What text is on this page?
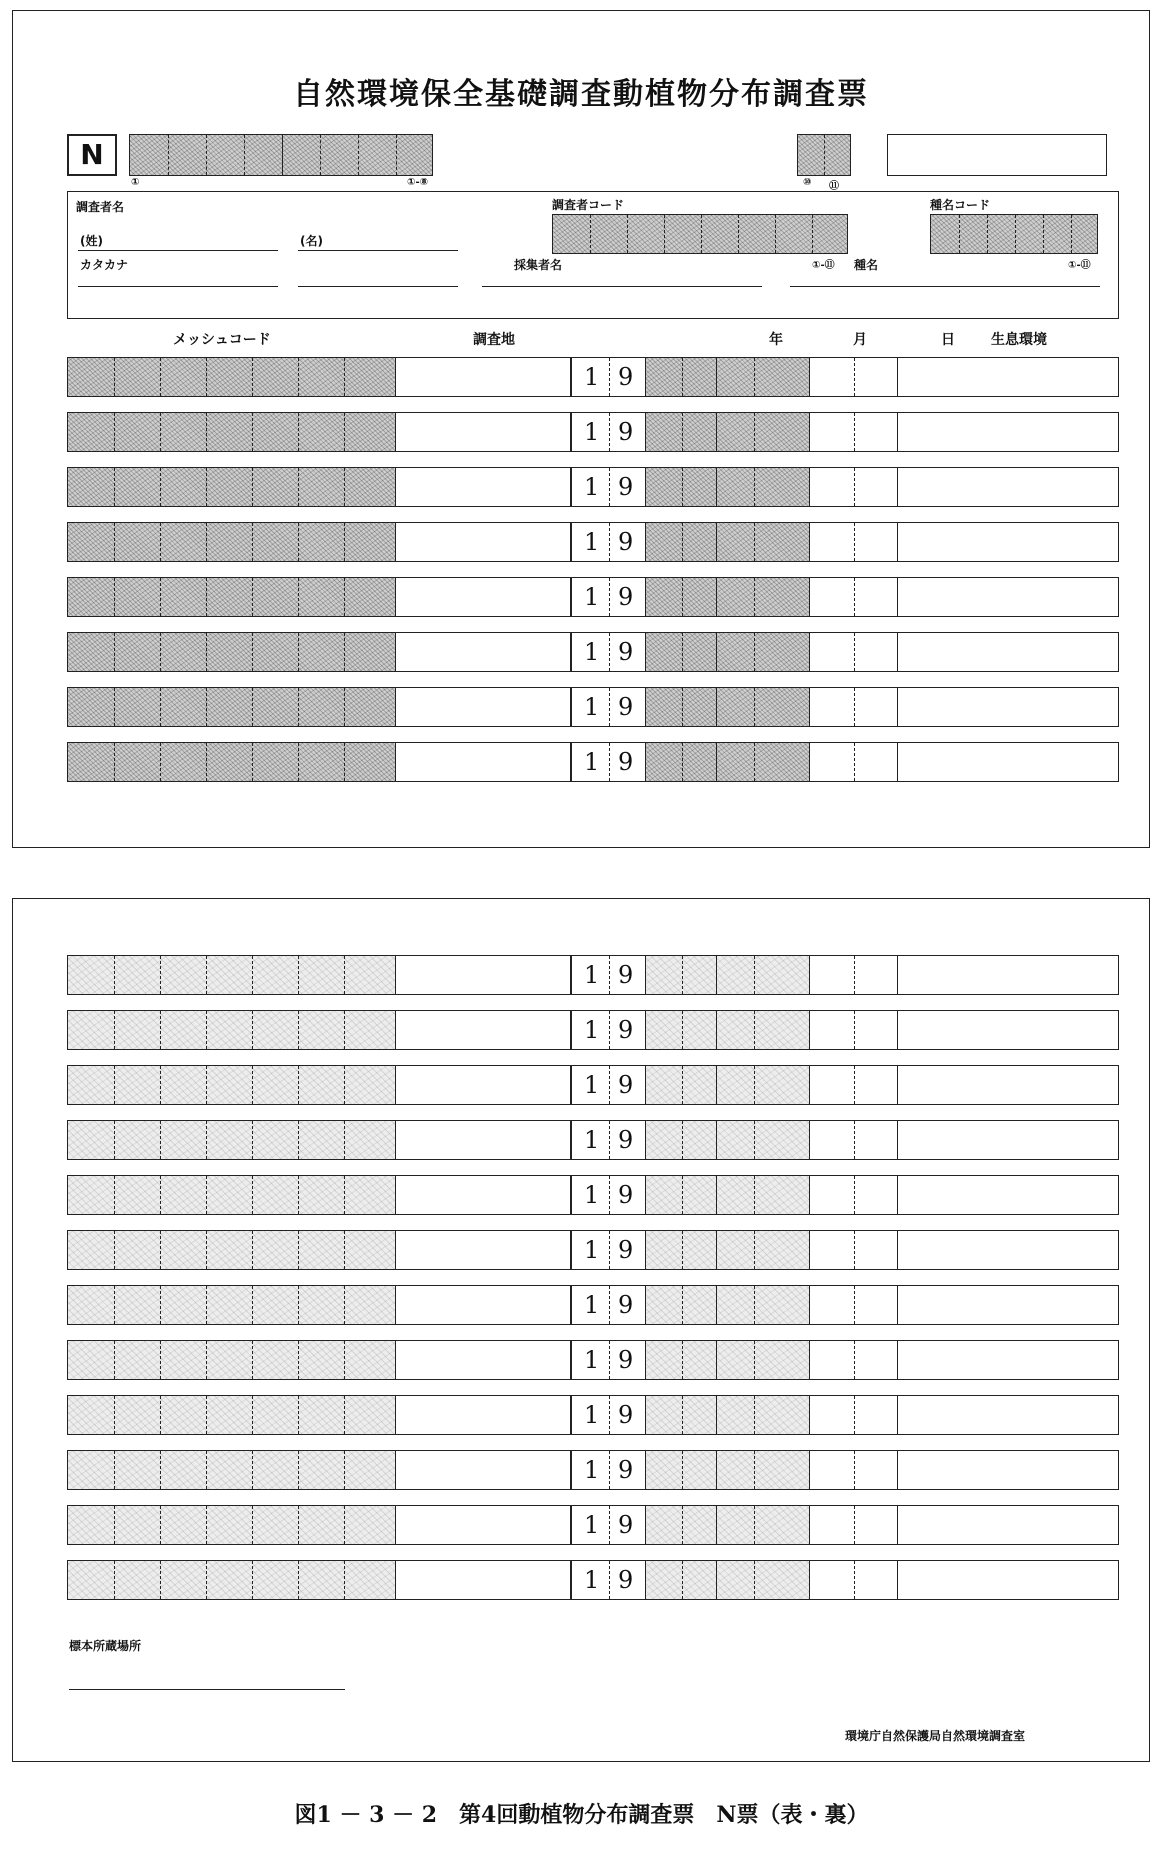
自然環境保全基礎調査動植物分布調査票
N
①	①-⑧	⑩ ⑪
調査者名
(姓)	(名)
カタカナ
調査者コード
①-⑪
採集者名	種名
種名コード
①-⑪
メッシュコード	調査地	年	月	日	生息環境
1 9
1 9
1 9
1 9
1 9
1 9
1 9
1 9
1 9
1 9
1 9
1 9
1 9
1 9
1 9
1 9
1 9
1 9
1 9
1 9
標本所蔵場所
環境庁自然保護局自然環境調査室
図1 － 3 － 2　第4回動植物分布調査票　N票（表・裏）
